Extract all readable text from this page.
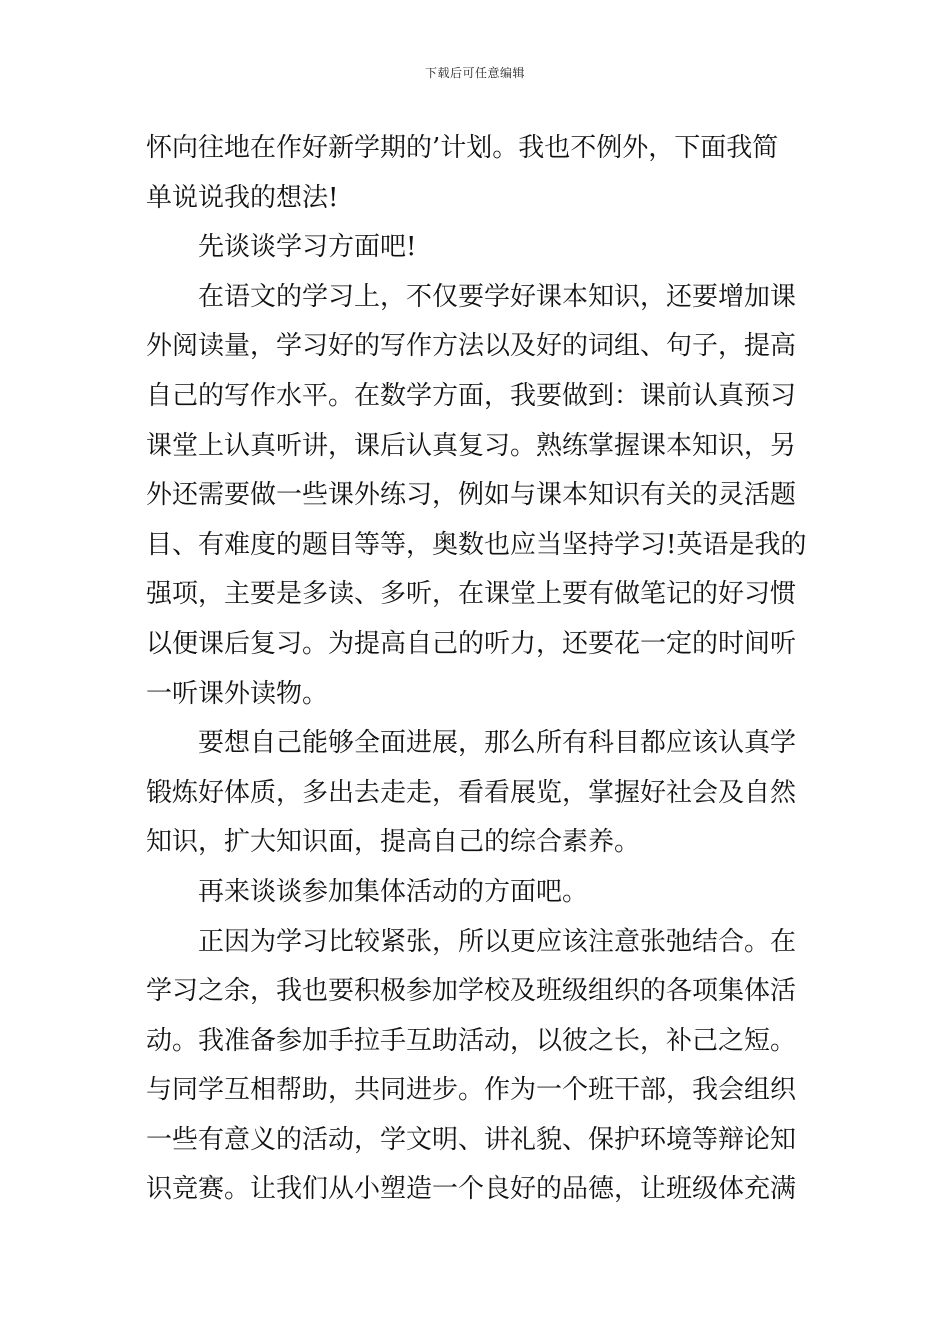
下载后可任意编辑
怀向往地在作好新学期的’计划。我也不例外，下面我简
单说说我的想法!
先谈谈学习方面吧!
在语文的学习上，不仅要学好课本知识，还要增加课
外阅读量，学习好的写作方法以及好的词组、句子，提高
自己的写作水平。在数学方面，我要做到：课前认真预习
课堂上认真听讲，课后认真复习。熟练掌握课本知识，另
外还需要做一些课外练习，例如与课本知识有关的灵活题
目、有难度的题目等等，奥数也应当坚持学习!英语是我的
强项，主要是多读、多听，在课堂上要有做笔记的好习惯
以便课后复习。为提高自己的听力，还要花一定的时间听
一听课外读物。
要想自己能够全面进展，那么所有科目都应该认真学
锻炼好体质，多出去走走，看看展览，掌握好社会及自然
知识，扩大知识面，提高自己的综合素养。
再来谈谈参加集体活动的方面吧。
正因为学习比较紧张，所以更应该注意张弛结合。在
学习之余，我也要积极参加学校及班级组织的各项集体活
动。我准备参加手拉手互助活动，以彼之长，补己之短。
与同学互相帮助，共同进步。作为一个班干部，我会组织
一些有意义的活动，学文明、讲礼貌、保护环境等辩论知
识竞赛。让我们从小塑造一个良好的品德，让班级体充满
